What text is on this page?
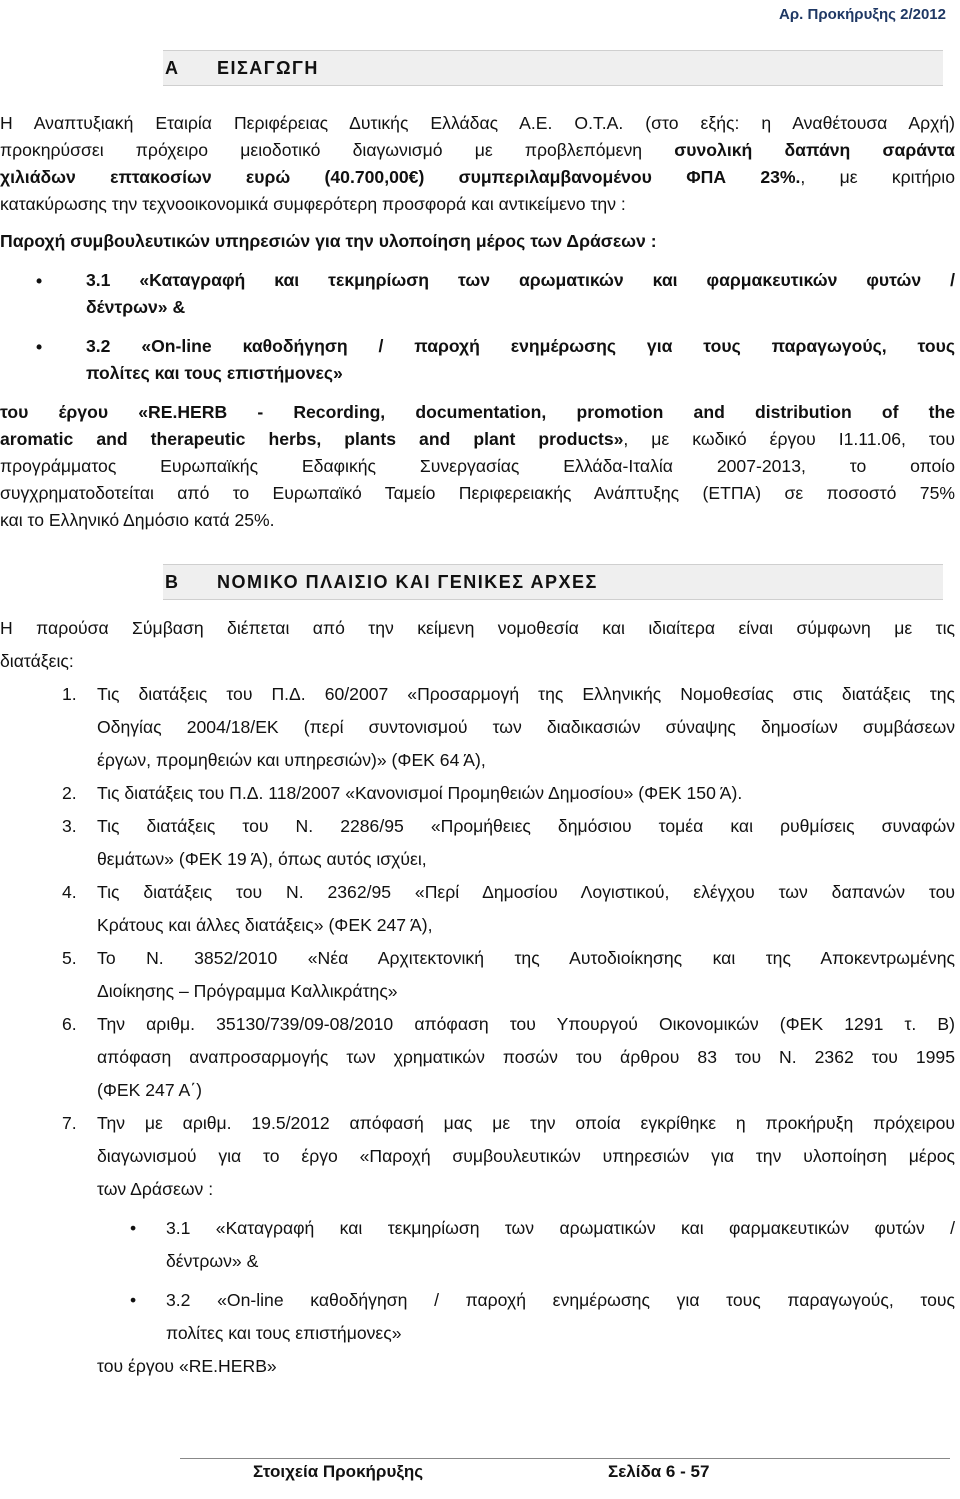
Αρ. Προκήρυξης 2/2012
Α ΕΙΣΑΓΩΓΗ

Η Αναπτυξιακή Εταιρία Περιφέρειας Δυτικής Ελλάδας Α.Ε. Ο.Τ.Α. (στο εξής: η Αναθέτουσα Αρχή)

προκηρύσσει πρόχειρο μειοδοτικό διαγωνισμό με προβλεπόμενη συνολική δαπάνη σαράντα

χιλιάδων επτακοσίων ευρώ (40.700,00€) συμπεριλαμβανομένου ΦΠΑ 23%., με κριτήριο

κατακύρωσης την τεχνοοικονομικά συμφερότερη προσφορά και αντικείμενο την :

Παροχή συμβουλευτικών υπηρεσιών για την υλοποίηση μέρος των Δράσεων :

• 3.1 «Καταγραφή και τεκμηρίωση των αρωματικών και φαρμακευτικών φυτών /
δέντρων» &
• 3.2 «On-line καθοδήγηση / παροχή ενημέρωσης για τους παραγωγούς, τους
πολίτες και τους επιστήμονες»

του έργου «RE.HERB - Recording, documentation, promotion and distribution of the

aromatic and therapeutic herbs, plants and plant products», με κωδικό έργου I1.11.06, του

προγράμματος Ευρωπαϊκής Εδαφικής Συνεργασίας Ελλάδα-Ιταλία 2007-2013, το οποίο

συγχρηματοδοτείται από το Ευρωπαϊκό Ταμείο Περιφερειακής Ανάπτυξης (ΕΤΠΑ) σε ποσοστό 75%

και το Ελληνικό Δημόσιο κατά 25%.

Β ΝΟΜΙΚΟ ΠΛΑΙΣΙΟ ΚΑΙ ΓΕΝΙΚΕΣ ΑΡΧΕΣ

Η παρούσα Σύμβαση διέπεται από την κείμενη νομοθεσία και ιδιαίτερα είναι σύμφωνη με τις

διατάξεις:

1. Τις διατάξεις του Π.Δ. 60/2007 «Προσαρμογή της Ελληνικής Νομοθεσίας στις διατάξεις της
Οδηγίας 2004/18/ΕΚ (περί συντονισμού των διαδικασιών σύναψης δημοσίων συμβάσεων
έργων, προμηθειών και υπηρεσιών)» (ΦΕΚ 64 Ά),
2. Τις διατάξεις του Π.Δ. 118/2007 «Κανονισμοί Προμηθειών Δημοσίου» (ΦΕΚ 150 Ά).
3. Τις διατάξεις του Ν. 2286/95 «Προμήθειες δημόσιου τομέα και ρυθμίσεις συναφών
θεμάτων» (ΦΕΚ 19 Ά), όπως αυτός ισχύει,
4. Τις διατάξεις του Ν. 2362/95 «Περί Δημοσίου Λογιστικού, ελέγχου των δαπανών του
Κράτους και άλλες διατάξεις» (ΦΕΚ 247 Ά),
5. Το Ν. 3852/2010 «Νέα Αρχιτεκτονική της Αυτοδιοίκησης και της Αποκεντρωμένης
Διοίκησης – Πρόγραμμα Καλλικράτης»
6. Την αριθμ. 35130/739/09-08/2010 απόφαση του Υπουργού Οικονομικών (ΦΕΚ 1291 τ. Β)
απόφαση αναπροσαρμογής των χρηματικών ποσών του άρθρου 83 του Ν. 2362 του 1995
(ΦΕΚ 247 Α΄)
7. Την με αριθμ. 19.5/2012 απόφασή μας με την οποία εγκρίθηκε η προκήρυξη πρόχειρου
διαγωνισμού για το έργο «Παροχή συμβουλευτικών υπηρεσιών για την υλοποίηση μέρος
των Δράσεων :
• 3.1 «Καταγραφή και τεκμηρίωση των αρωματικών και φαρμακευτικών φυτών /
δέντρων» &
• 3.2 «On-line καθοδήγηση / παροχή ενημέρωσης για τους παραγωγούς, τους
πολίτες και τους επιστήμονες»

του έργου «RE.HERB»

Στοιχεία Προκήρυξης	Σελίδα 6 - 57
